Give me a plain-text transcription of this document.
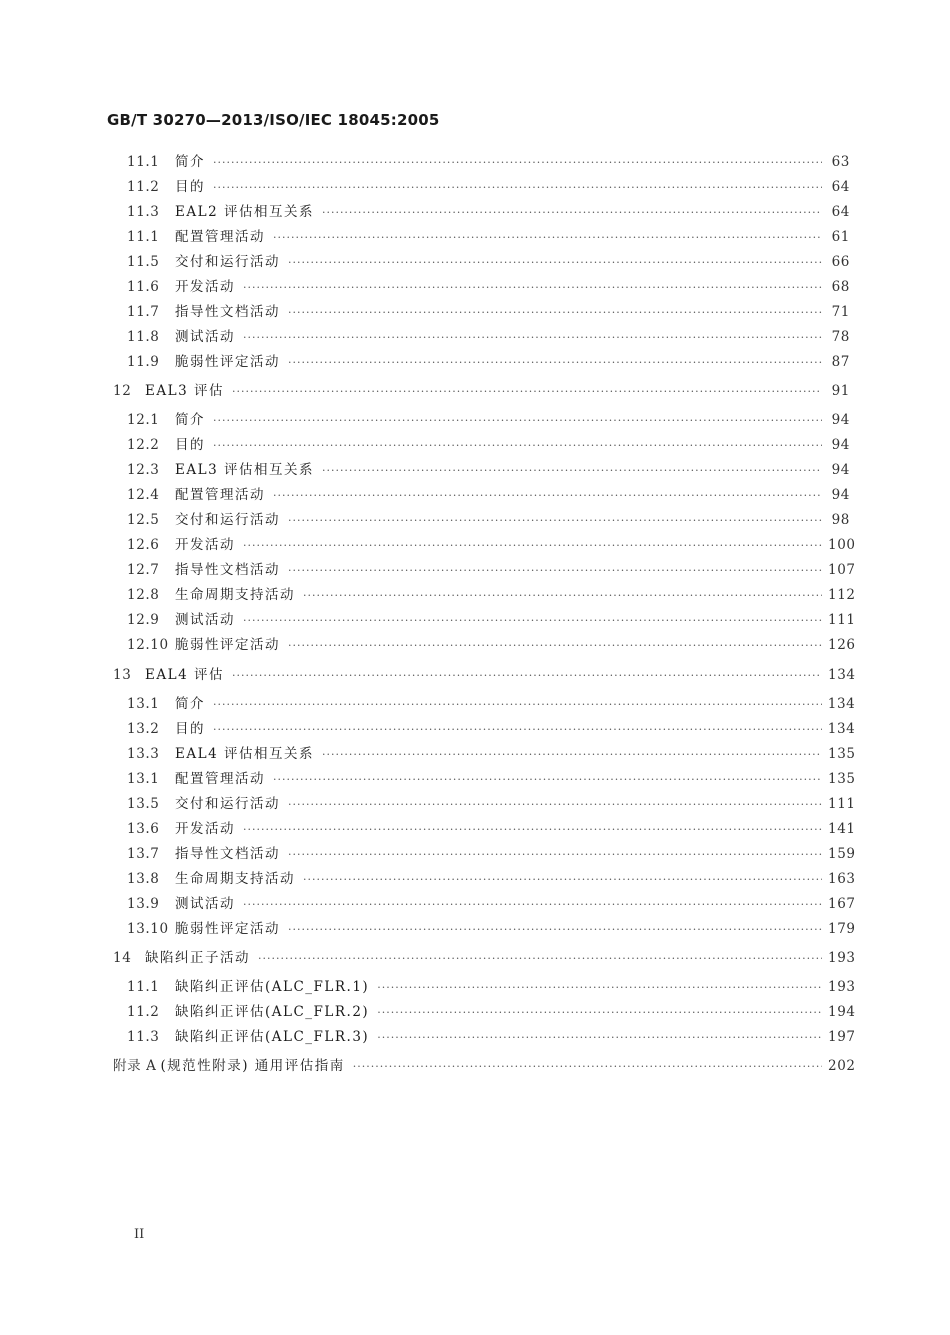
GB/T 30270—2013/ISO/IEC 18045:2005
11.1 简介 ·····	63
11.2 目的 ·····	64
11.3 EAL2 评估相互关系 ·····	64
11.1 配置管理活动 ·····	61
11.5 交付和运行活动 ·····	66
11.6 开发活动 ·····	68
11.7 指导性文档活动 ·····	71
11.8 测试活动 ·····	78
11.9 脆弱性评定活动 ·····	87
12 EAL3 评估 ·····	91
12.1 简介 ·····	94
12.2 目的 ·····	94
12.3 EAL3 评估相互关系 ·····	94
12.4 配置管理活动 ·····	94
12.5 交付和运行活动 ·····	98
12.6 开发活动 ·····	100
12.7 指导性文档活动 ·····	107
12.8 生命周期支持活动 ·····	112
12.9 测试活动 ·····	111
12.10 脆弱性评定活动 ·····	126
13 EAL4 评估 ·····	134
13.1 简介 ·····	134
13.2 目的 ·····	134
13.3 EAL4 评估相互关系 ·····	135
13.1 配置管理活动 ·····	135
13.5 交付和运行活动 ·····	111
13.6 开发活动 ·····	141
13.7 指导性文档活动 ·····	159
13.8 生命周期支持活动 ·····	163
13.9 测试活动 ·····	167
13.10 脆弱性评定活动 ·····	179
14 缺陷纠正子活动 ·····	193
11.1 缺陷纠正评估(ALC_FLR.1) ·····	193
11.2 缺陷纠正评估(ALC_FLR.2) ·····	194
11.3 缺陷纠正评估(ALC_FLR.3) ·····	197
附录 A (规范性附录) 通用评估指南 ·····	202
II
